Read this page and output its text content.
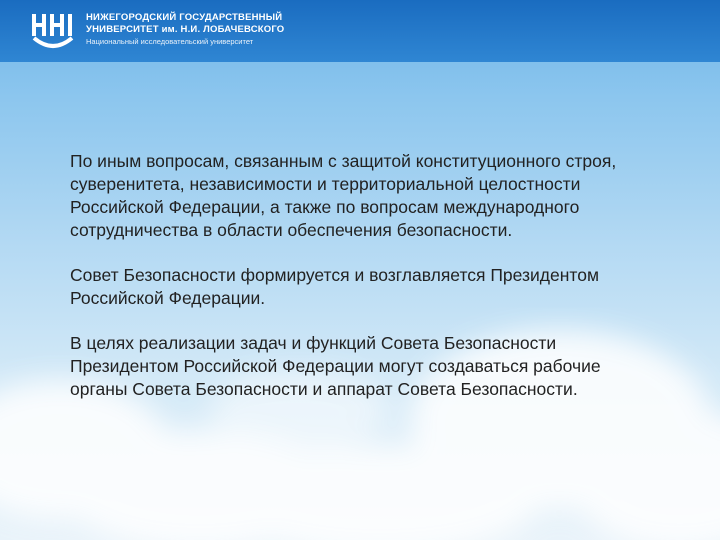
НИЖЕГОРОДСКИЙ ГОСУДАРСТВЕННЫЙ
УНИВЕРСИТЕТ им. Н.И. ЛОБАЧЕВСКОГО
Национальный исследовательский университет

По иным вопросам, связанным с защитой конституционного строя, суверенитета, независимости и территориальной целостности Российской Федерации, а также по вопросам международного сотрудничества в области обеспечения безопасности.

Совет Безопасности формируется и возглавляется Президентом Российской Федерации.

В целях реализации задач и функций Совета Безопасности Президентом Российской Федерации могут создаваться рабочие органы Совета Безопасности и аппарат Совета Безопасности.
